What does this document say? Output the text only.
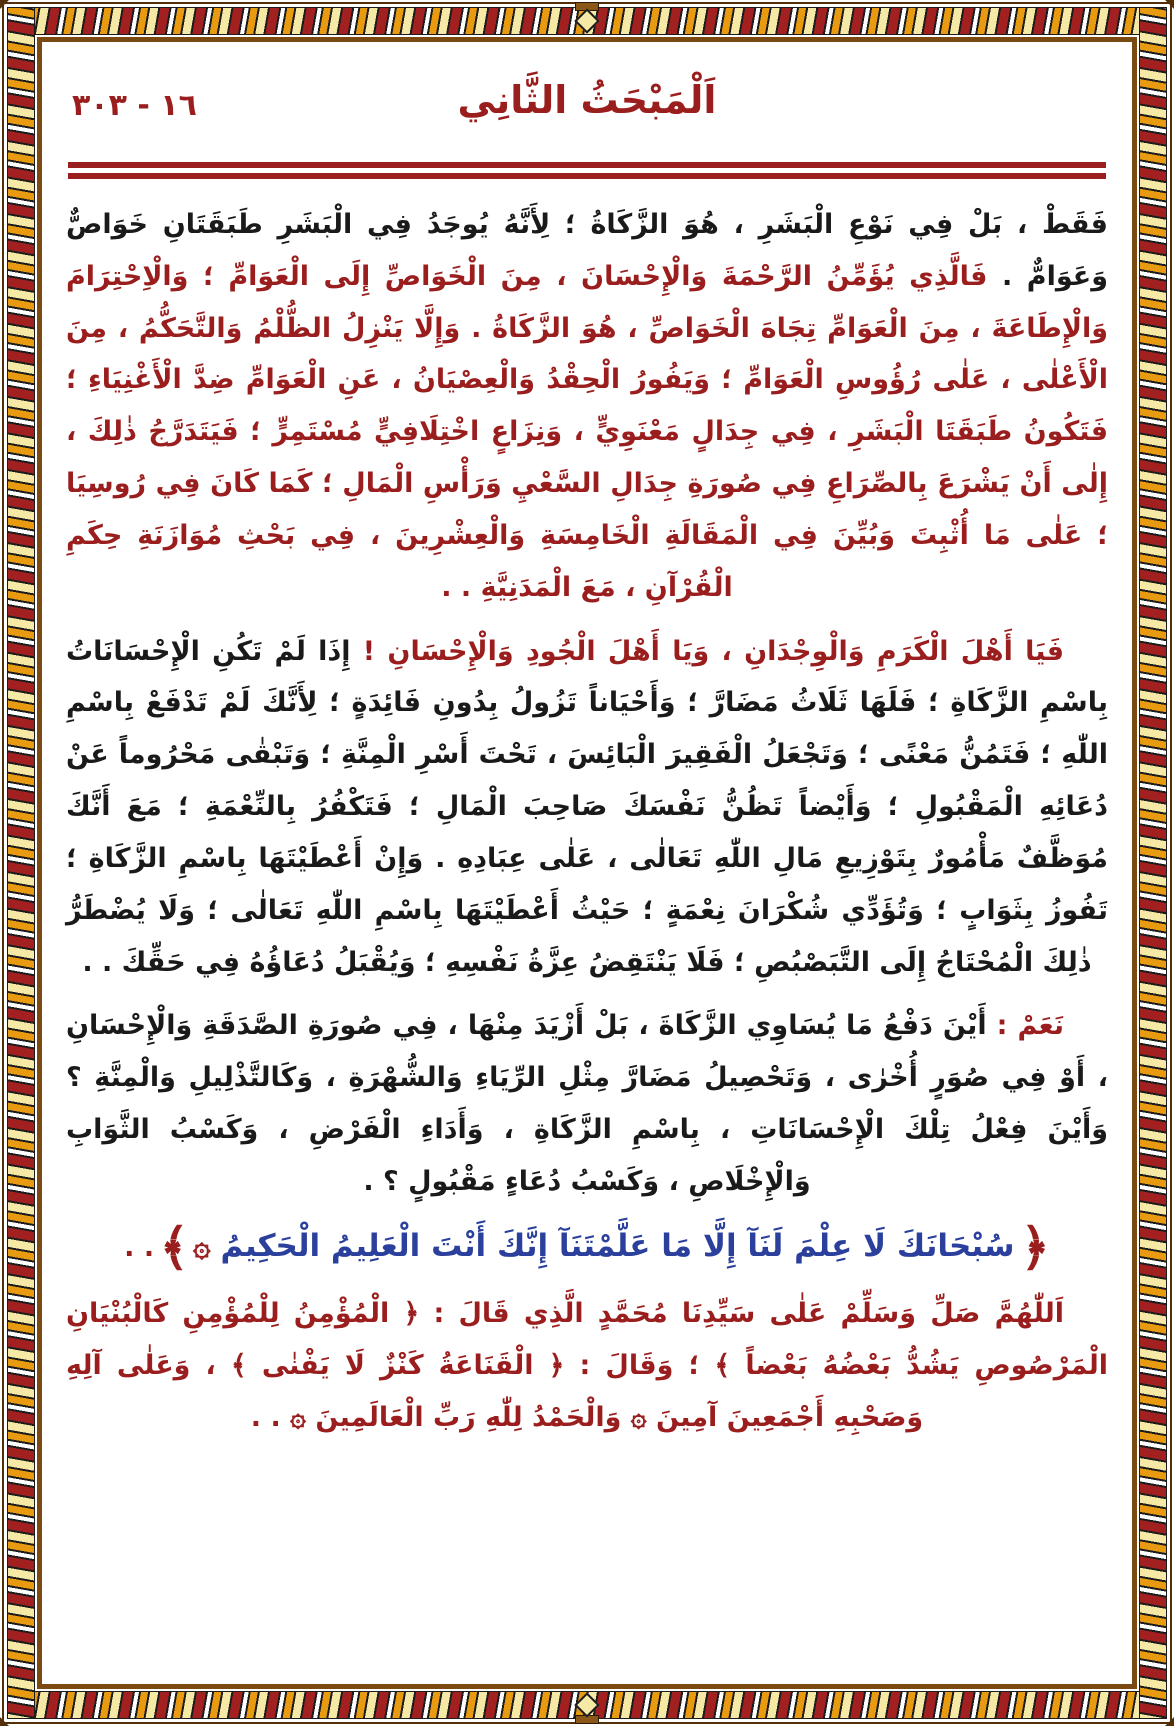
١٦ - ٣٠٣	اَلْمَبْحَثُ الثَّانِي

فَقَطْ ، بَلْ فِي نَوْعِ الْبَشَرِ ، هُوَ الزَّكَاةُ ؛ لِأَنَّهُ يُوجَدُ فِي الْبَشَرِ طَبَقَتَانِ خَوَاصٌّ وَعَوَامٌّ . فَالَّذِي يُؤَمِّنُ الرَّحْمَةَ وَالْإِحْسَانَ ، مِنَ الْخَوَاصِّ إِلَى الْعَوَامِّ ؛ وَالْاِحْتِرَامَ وَالْإِطَاعَةَ ، مِنَ الْعَوَامِّ تِجَاهَ الْخَوَاصِّ ، هُوَ الزَّكَاةُ . وَإِلَّا يَنْزِلُ الظُّلْمُ وَالتَّحَكُّمُ ، مِنَ الْأَعْلٰى ، عَلٰى رُؤُوسِ الْعَوَامِّ ؛ وَيَفُورُ الْحِقْدُ وَالْعِصْيَانُ ، عَنِ الْعَوَامِّ ضِدَّ الْأَغْنِيَاءِ ؛ فَتَكُونُ طَبَقَتَا الْبَشَرِ ، فِي جِدَالٍ مَعْنَوِيٍّ ، وَنِزَاعٍ اخْتِلَافِيٍّ مُسْتَمِرٍّ ؛ فَيَتَدَرَّجُ ذٰلِكَ ، إِلٰى أَنْ يَشْرَعَ بِالصِّرَاعِ فِي صُورَةِ جِدَالِ السَّعْيِ وَرَأْسِ الْمَالِ ؛ كَمَا كَانَ فِي رُوسِيَا ؛ عَلٰى مَا أُثْبِتَ وَبُيِّنَ فِي الْمَقَالَةِ الْخَامِسَةِ وَالْعِشْرِينَ ، فِي بَحْثِ مُوَازَنَةِ حِكَمِ الْقُرْآنِ ، مَعَ الْمَدَنِيَّةِ . .

فَيَا أَهْلَ الْكَرَمِ وَالْوِجْدَانِ ، وَيَا أَهْلَ الْجُودِ وَالْإِحْسَانِ ! إِذَا لَمْ تَكُنِ الْإِحْسَانَاتُ بِاسْمِ الزَّكَاةِ ؛ فَلَهَا ثَلَاثُ مَضَارَّ ؛ وَأَحْيَاناً تَزُولُ بِدُونِ فَائِدَةٍ ؛ لِأَنَّكَ لَمْ تَدْفَعْ بِاسْمِ اللّٰهِ ؛ فَتَمُنُّ مَعْنًى ؛ وَتَجْعَلُ الْفَقِيرَ الْبَائِسَ ، تَحْتَ أَسْرِ الْمِنَّةِ ؛ وَتَبْقٰى مَحْرُوماً عَنْ دُعَائِهِ الْمَقْبُولِ ؛ وَأَيْضاً تَظُنُّ نَفْسَكَ صَاحِبَ الْمَالِ ؛ فَتَكْفُرُ بِالنِّعْمَةِ ؛ مَعَ أَنَّكَ مُوَظَّفٌ مَأْمُورٌ بِتَوْزِيعِ مَالِ اللّٰهِ تَعَالٰى ، عَلٰى عِبَادِهِ . وَإِنْ أَعْطَيْتَهَا بِاسْمِ الزَّكَاةِ ؛ تَفُوزُ بِثَوَابٍ ؛ وَتُؤَدِّي شُكْرَانَ نِعْمَةٍ ؛ حَيْثُ أَعْطَيْتَهَا بِاسْمِ اللّٰهِ تَعَالٰى ؛ وَلَا يُضْطَرُّ ذٰلِكَ الْمُحْتَاجُ إِلَى التَّبَصْبُصِ ؛ فَلَا يَنْتَقِضُ عِزَّةُ نَفْسِهِ ؛ وَيُقْبَلُ دُعَاؤُهُ فِي حَقِّكَ . .

نَعَمْ : أَيْنَ دَفْعُ مَا يُسَاوِي الزَّكَاةَ ، بَلْ أَزْيَدَ مِنْهَا ، فِي صُورَةِ الصَّدَقَةِ وَالْإِحْسَانِ ، أَوْ فِي صُوَرٍ أُخْرٰى ، وَتَحْصِيلُ مَضَارَّ مِثْلِ الرِّيَاءِ وَالشُّهْرَةِ ، وَكَالتَّذْلِيلِ وَالْمِنَّةِ ؟ وَأَيْنَ فِعْلُ تِلْكَ الْإِحْسَانَاتِ ، بِاسْمِ الزَّكَاةِ ، وَأَدَاءِ الْفَرْضِ ، وَكَسْبُ الثَّوَابِ وَالْإِخْلَاصِ ، وَكَسْبُ دُعَاءٍ مَقْبُولٍ ؟ .

﴿سُبْحَانَكَ لَا عِلْمَ لَنَآ إِلَّا مَا عَلَّمْتَنَآ إِنَّكَ أَنْتَ الْعَلِيمُ الْحَكِيمُ۞﴾ . .

اَللّٰهُمَّ صَلِّ وَسَلِّمْ عَلٰى سَيِّدِنَا مُحَمَّدٍ الَّذِي قَالَ : ﴿ الْمُؤْمِنُ لِلْمُؤْمِنِ كَالْبُنْيَانِ الْمَرْصُوصِ يَشُدُّ بَعْضُهُ بَعْضاً ﴾ ؛ وَقَالَ : ﴿ الْقَنَاعَةُ كَنْزٌ لَا يَفْنٰى ﴾ ، وَعَلٰى آلِهِ وَصَحْبِهِ أَجْمَعِينَ آمِينَ ۞ وَالْحَمْدُ لِلّٰهِ رَبِّ الْعَالَمِينَ ۞ . .
